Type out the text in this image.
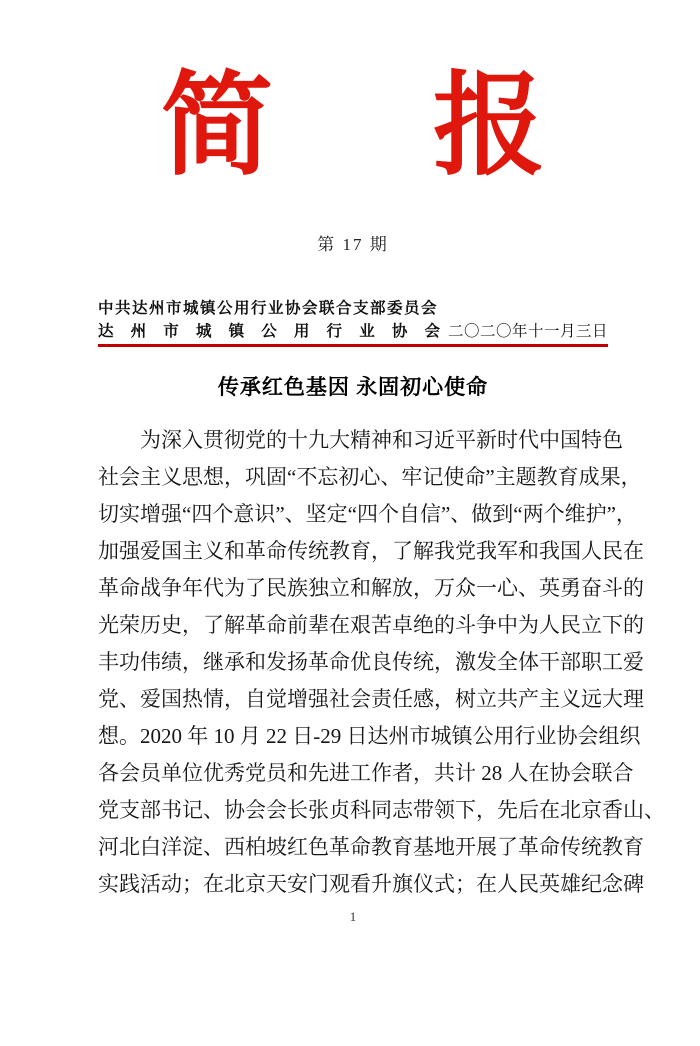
简 报
第 17 期
中共达州市城镇公用行业协会联合支部委员会
达州市城镇公用行业协会 二〇二〇年十一月三日
传承红色基因 永固初心使命
为深入贯彻党的十九大精神和习近平新时代中国特色
社会主义思想，巩固“不忘初心、牢记使命”主题教育成果，
切实增强“四个意识”、坚定“四个自信”、做到“两个维护”，
加强爱国主义和革命传统教育，了解我党我军和我国人民在
革命战争年代为了民族独立和解放，万众一心、英勇奋斗的
光荣历史，了解革命前辈在艰苦卓绝的斗争中为人民立下的
丰功伟绩，继承和发扬革命优良传统，激发全体干部职工爱
党、爱国热情，自觉增强社会责任感，树立共产主义远大理
想。2020 年 10 月 22 日-29 日达州市城镇公用行业协会组织
各会员单位优秀党员和先进工作者，共计 28 人在协会联合
党支部书记、协会会长张贞科同志带领下，先后在北京香山、
河北白洋淀、西柏坡红色革命教育基地开展了革命传统教育
实践活动；在北京天安门观看升旗仪式；在人民英雄纪念碑
1
